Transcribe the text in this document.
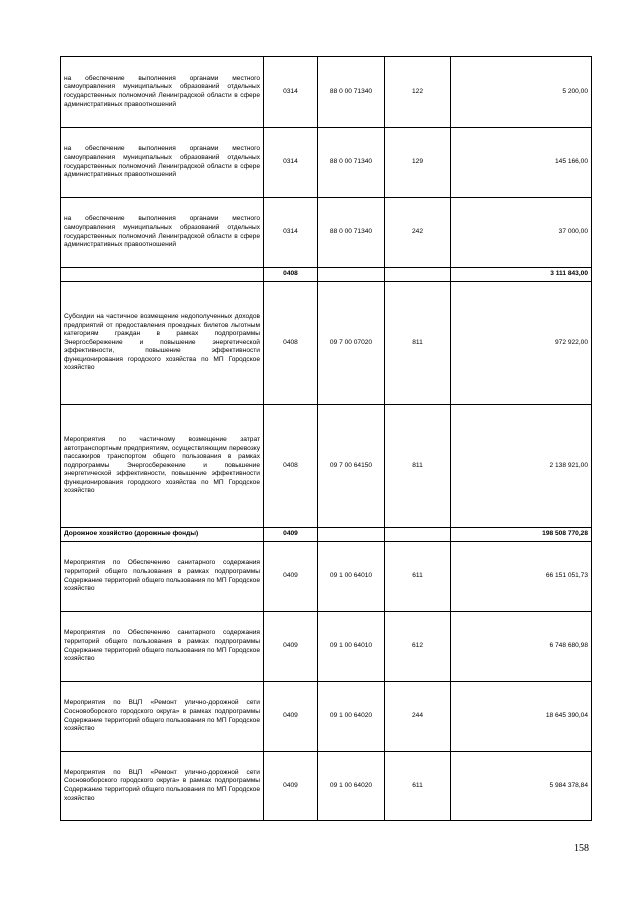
на обеспечение выполнения органами местного самоуправления муниципальных образований отдельных государственных полномочий Ленинградской области в сфере административных правоотношений	0314	88 0 00 71340	122	5 200,00
на обеспечение выполнения органами местного самоуправления муниципальных образований отдельных государственных полномочий Ленинградской области в сфере административных правоотношений	0314	88 0 00 71340	129	145 166,00
на обеспечение выполнения органами местного самоуправления муниципальных образований отдельных государственных полномочий Ленинградской области в сфере административных правоотношений	0314	88 0 00 71340	242	37 000,00
	0408			3 111 843,00
Субсидии на частичное возмещение недополученных доходов предприятий от предоставления проездных билетов льготным категориям граждан в рамках подпрограммы Энергосбережение и повышение энергетической эффективности, повышение эффективности функционирования городского хозяйства по МП Городское хозяйство	0408	09 7 00 07020	811	972 922,00
Мероприятия по частичному возмещение затрат автотранспортным предприятиям, осуществляющим перевозку пассажиров транспортом общего пользования в рамках подпрограммы Энергосбережение и повышение энергетической эффективности, повышение эффективности функционирования городского хозяйства по МП Городское хозяйство	0408	09 7 00 64150	811	2 138 921,00
Дорожное хозяйство (дорожные фонды)	0409			198 508 770,28
Мероприятия по Обеспечению санитарного содержания территорий общего пользования в рамках подпрограммы Содержание территорий общего пользования по МП Городское хозяйство	0409	09 1 00 64010	611	66 151 051,73
Мероприятия по Обеспечению санитарного содержания территорий общего пользования в рамках подпрограммы Содержание территорий общего пользования по МП Городское хозяйство	0409	09 1 00 64010	612	6 748 680,98
Мероприятия по ВЦП «Ремонт улично-дорожной сети Сосновоборского городского округа» в рамках подпрограммы Содержание территорий общего пользования по МП Городское хозяйство	0409	09 1 00 64020	244	18 645 390,04
Мероприятия по ВЦП «Ремонт улично-дорожной сети Сосновоборского городского округа» в рамках подпрограммы Содержание территорий общего пользования по МП Городское хозяйство	0409	09 1 00 64020	611	5 984 378,84
158
